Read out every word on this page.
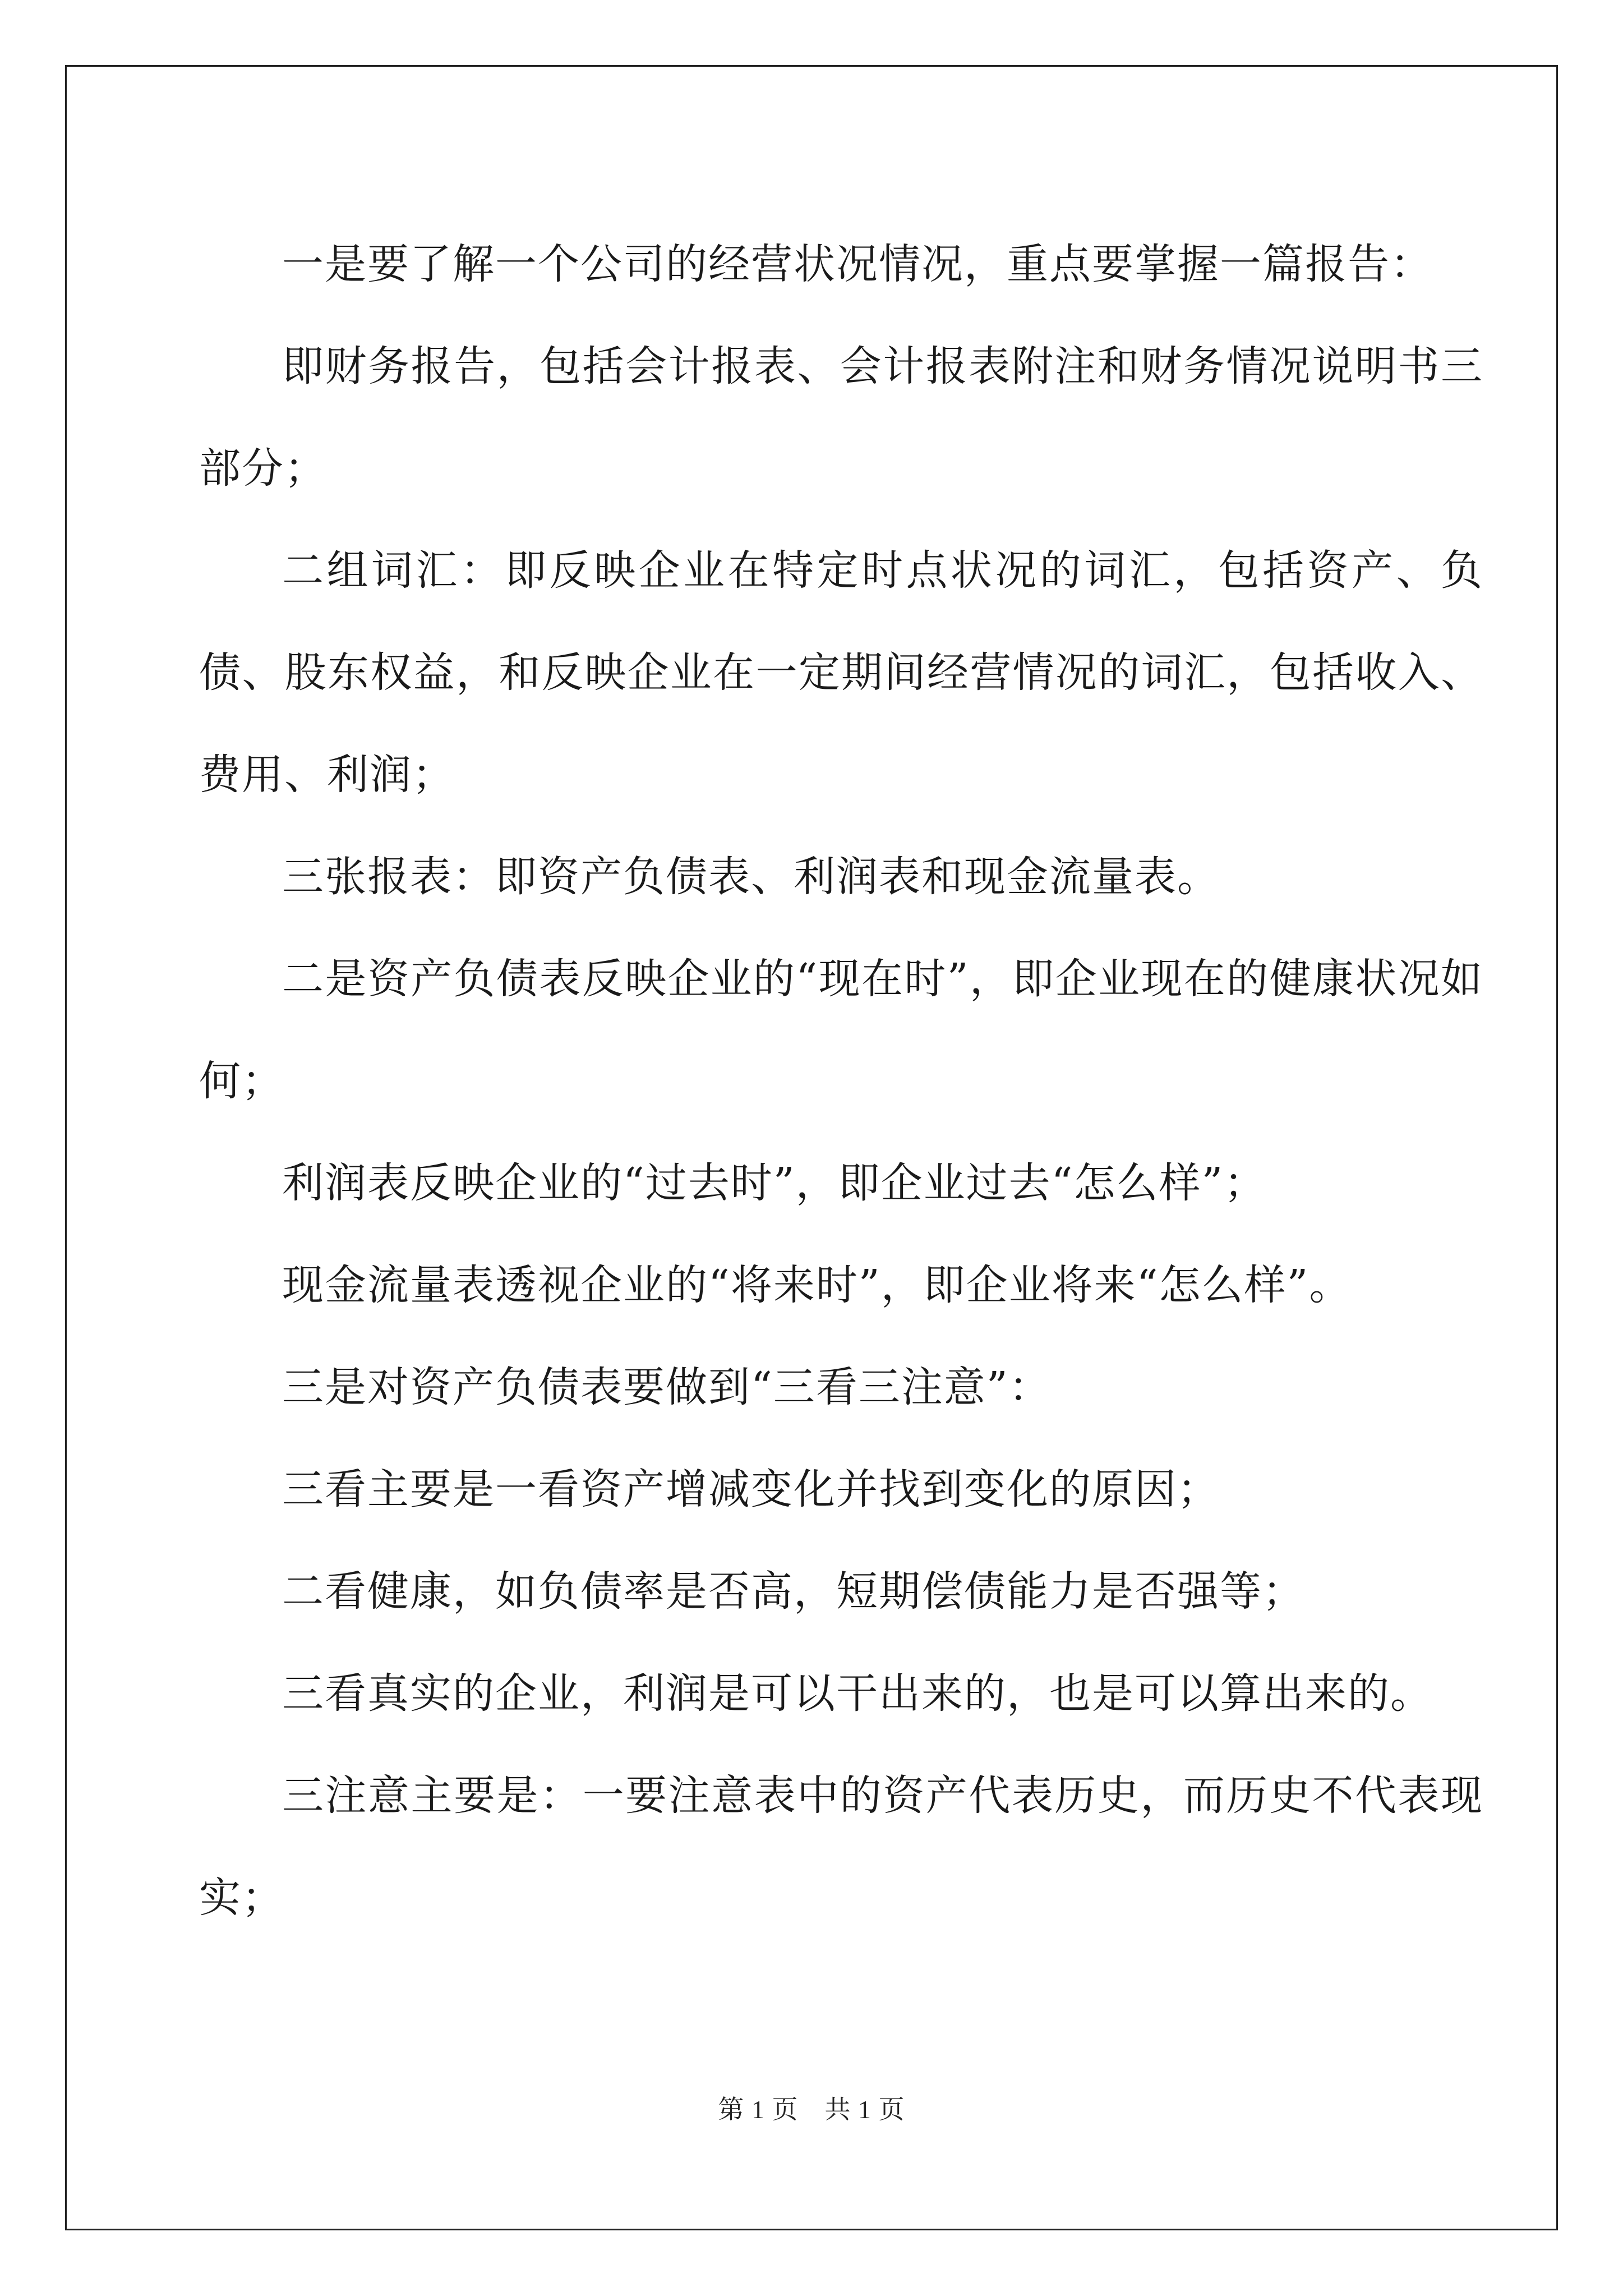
一是要了解一个公司的经营状况情况，重点要掌握一篇报告：

即财务报告，包括会计报表、会计报表附注和财务情况说明书三部分；

二组词汇：即反映企业在特定时点状况的词汇，包括资产、负债、股东权益，和反映企业在一定期间经营情况的词汇，包括收入、费用、利润；

三张报表：即资产负债表、利润表和现金流量表。

二是资产负债表反映企业的“现在时”，即企业现在的健康状况如何；

利润表反映企业的“过去时”，即企业过去“怎么样”；

现金流量表透视企业的“将来时”，即企业将来“怎么样”。

三是对资产负债表要做到“三看三注意”：

三看主要是一看资产增减变化并找到变化的原因；

二看健康，如负债率是否高，短期偿债能力是否强等；

三看真实的企业，利润是可以干出来的，也是可以算出来的。

三注意主要是：一要注意表中的资产代表历史，而历史不代表现实；

第 1 页　共 1 页
